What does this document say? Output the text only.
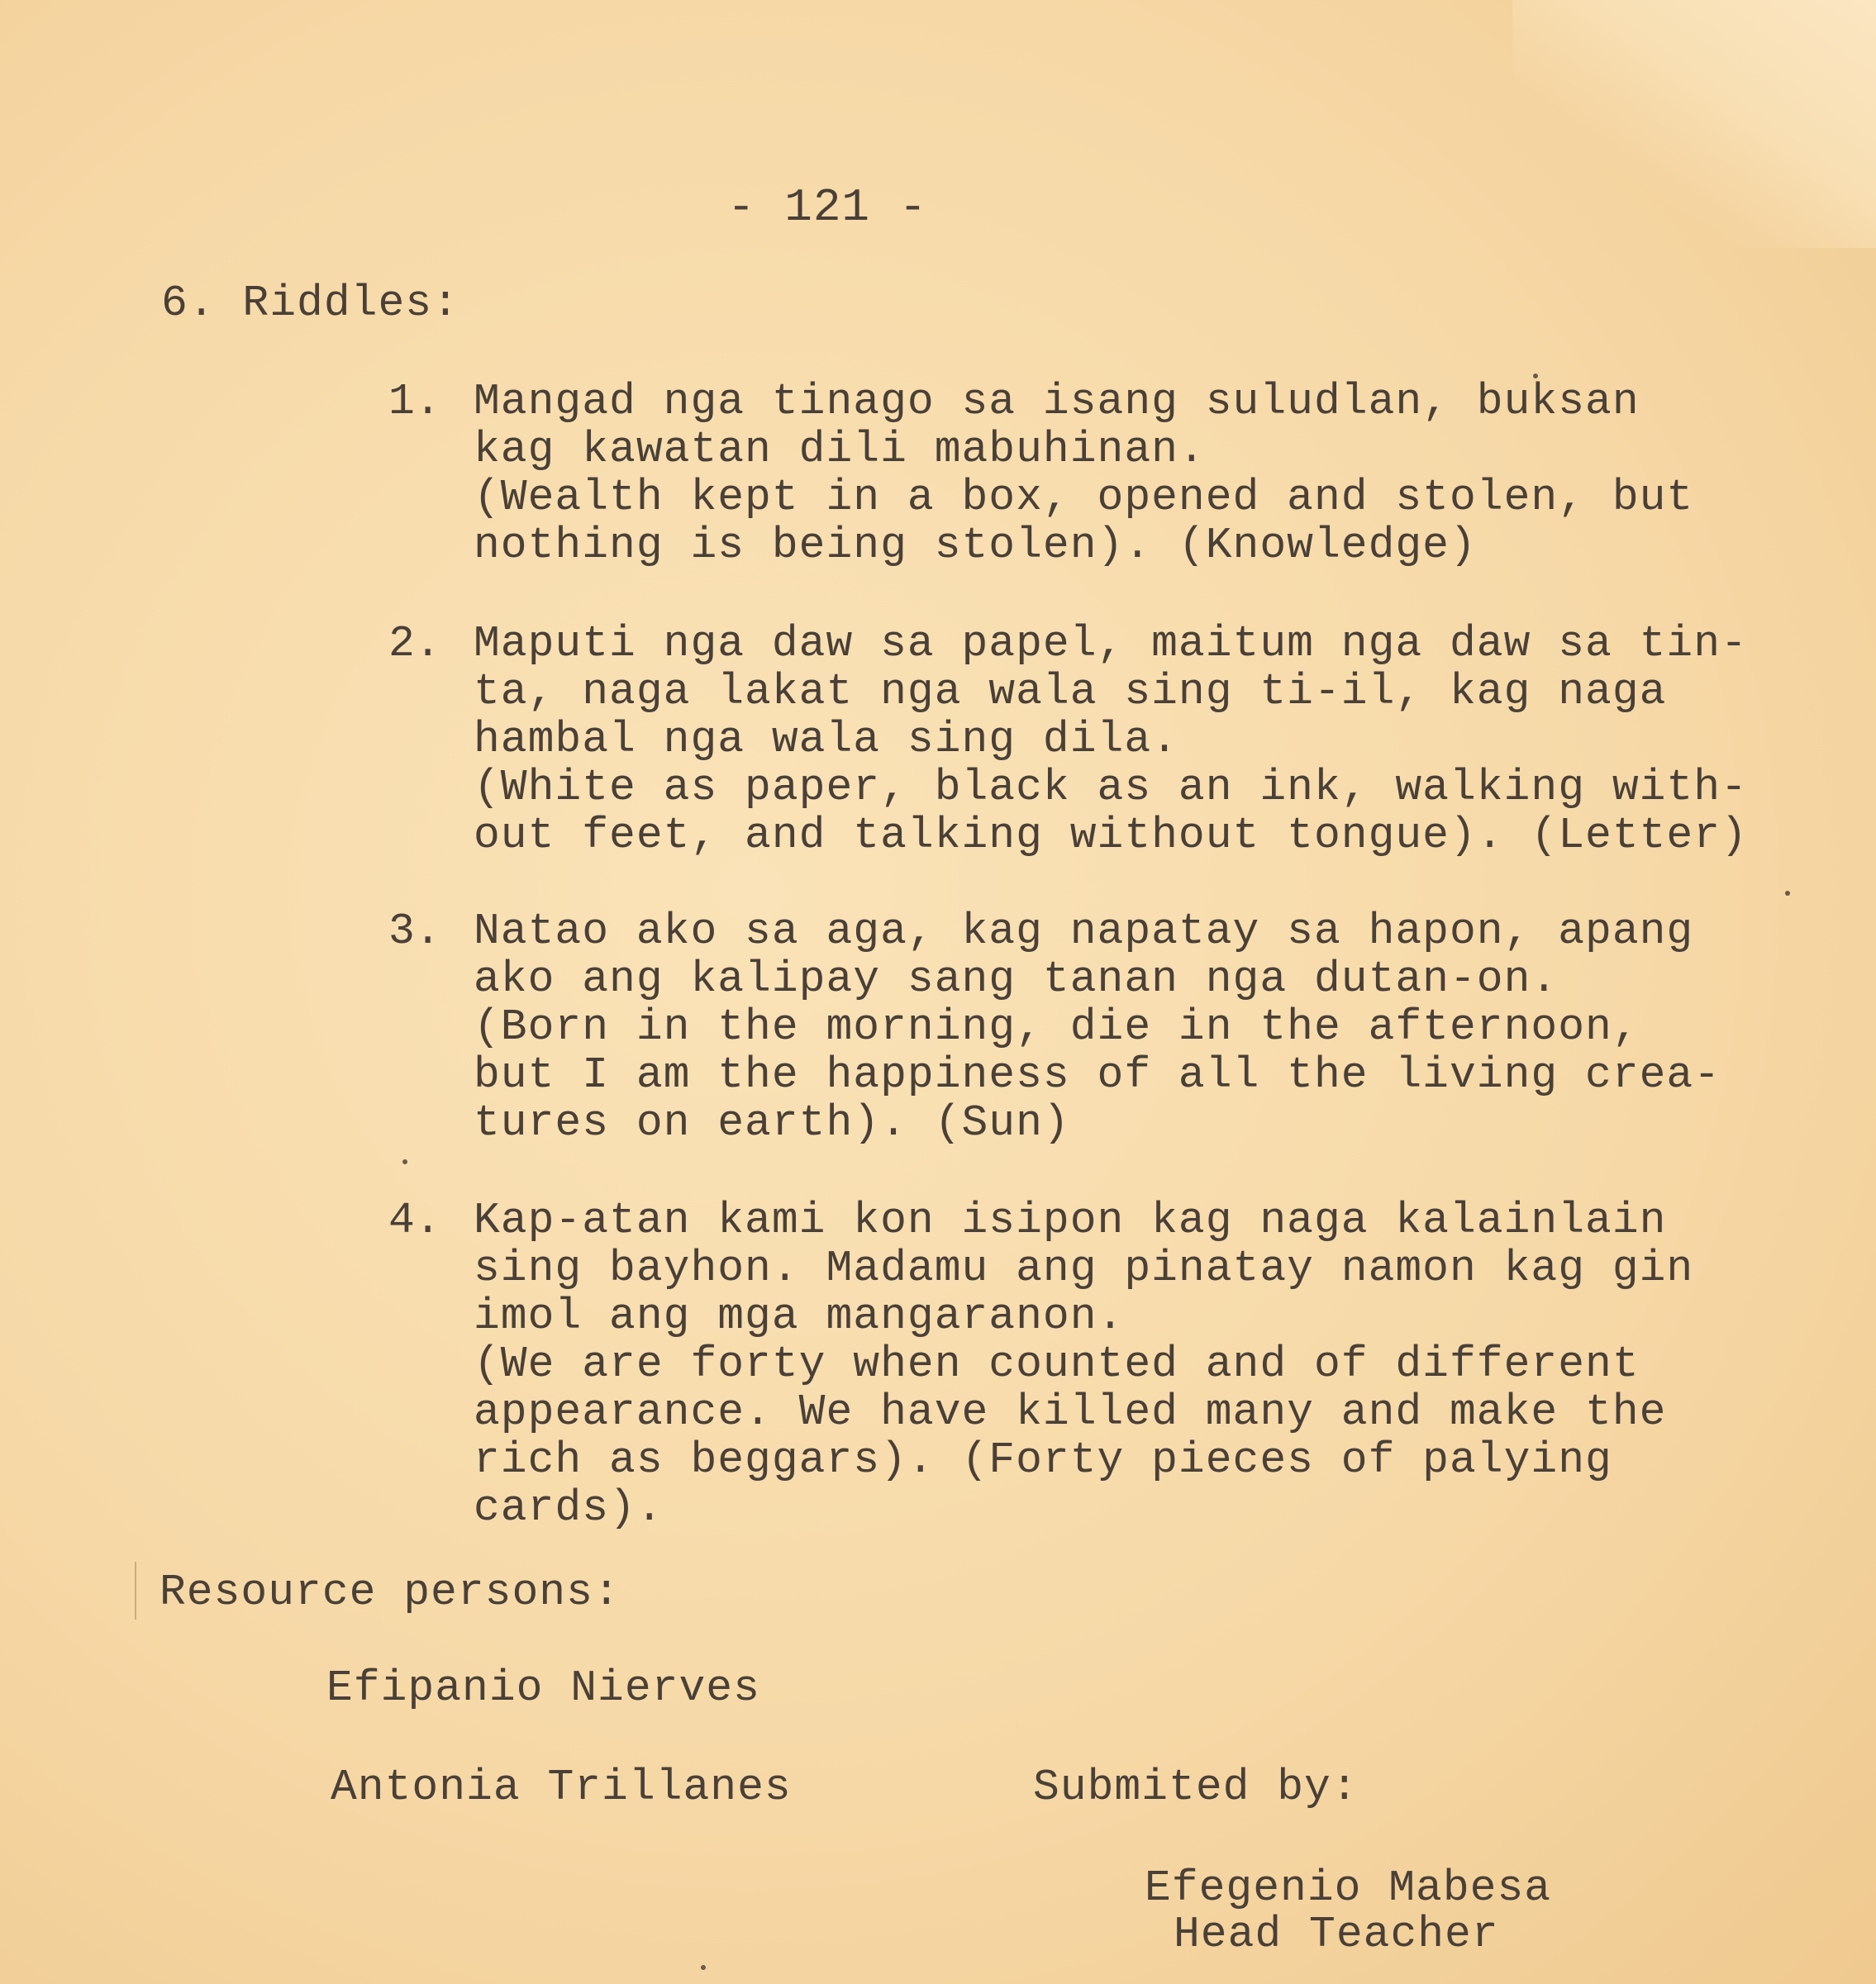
- 121 -
6. Riddles:
1. Mangad nga tinago sa isang suludlan, buksan
kag kawatan dili mabuhinan.
(Wealth kept in a box, opened and stolen, but
nothing is being stolen). (Knowledge)
2. Maputi nga daw sa papel, maitum nga daw sa tin-
ta, naga lakat nga wala sing ti-il, kag naga
hambal nga wala sing dila.
(White as paper, black as an ink, walking with-
out feet, and talking without tongue). (Letter)
3. Natao ako sa aga, kag napatay sa hapon, apang
ako ang kalipay sang tanan nga dutan-on.
(Born in the morning, die in the afternoon,
but I am the happiness of all the living crea-
tures on earth). (Sun)
4. Kap-atan kami kon isipon kag naga kalainlain
sing bayhon. Madamu ang pinatay namon kag gin
imol ang mga mangaranon.
(We are forty when counted and of different
appearance. We have killed many and make the
rich as beggars). (Forty pieces of palying
cards).
Resource persons:
Efipanio Nierves
Antonia Trillanes	Submited by:
Efegenio Mabesa
Head Teacher
